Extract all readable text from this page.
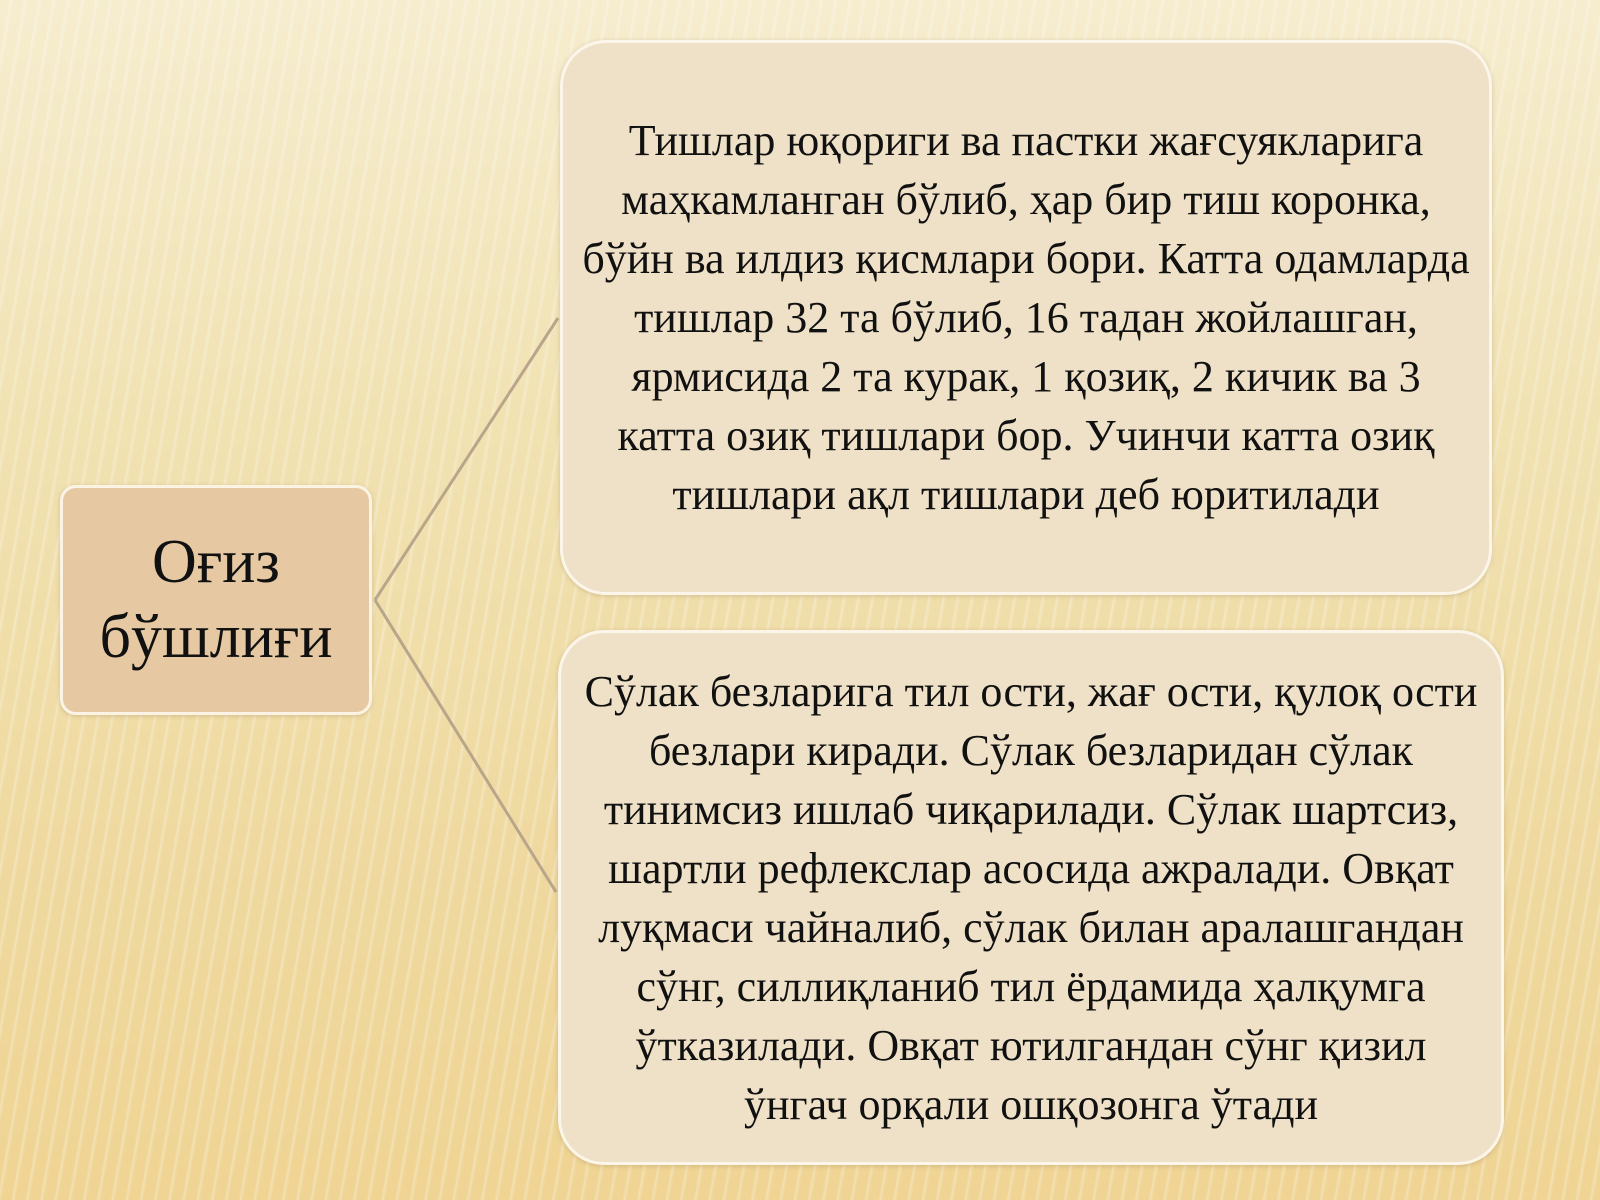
Оғиз
бўшлиғи
Тишлар юқориги ва пастки жағсуякларига маҳкамланган бўлиб, ҳар бир тиш коронка, бўйн ва илдиз қисмлари бори. Катта одамларда тишлар 32 та бўлиб, 16 тадан жойлашган, ярмисида 2 та курак, 1 қозиқ, 2 кичик ва 3 катта озиқ тишлари бор. Учинчи катта озиқ тишлари ақл тишлари деб юритилади
Сўлак безларига тил ости, жағ ости, қулоқ ости безлари киради. Сўлак безларидан сўлак тинимсиз ишлаб чиқарилади. Сўлак шартсиз, шартли рефлекслар асосида ажралади. Овқат луқмаси чайналиб, сўлак билан аралашгандан сўнг, силлиқланиб тил ёрдамида ҳалқумга ўтказилади. Овқат ютилгандан сўнг қизил ўнгач орқали ошқозонга ўтади
